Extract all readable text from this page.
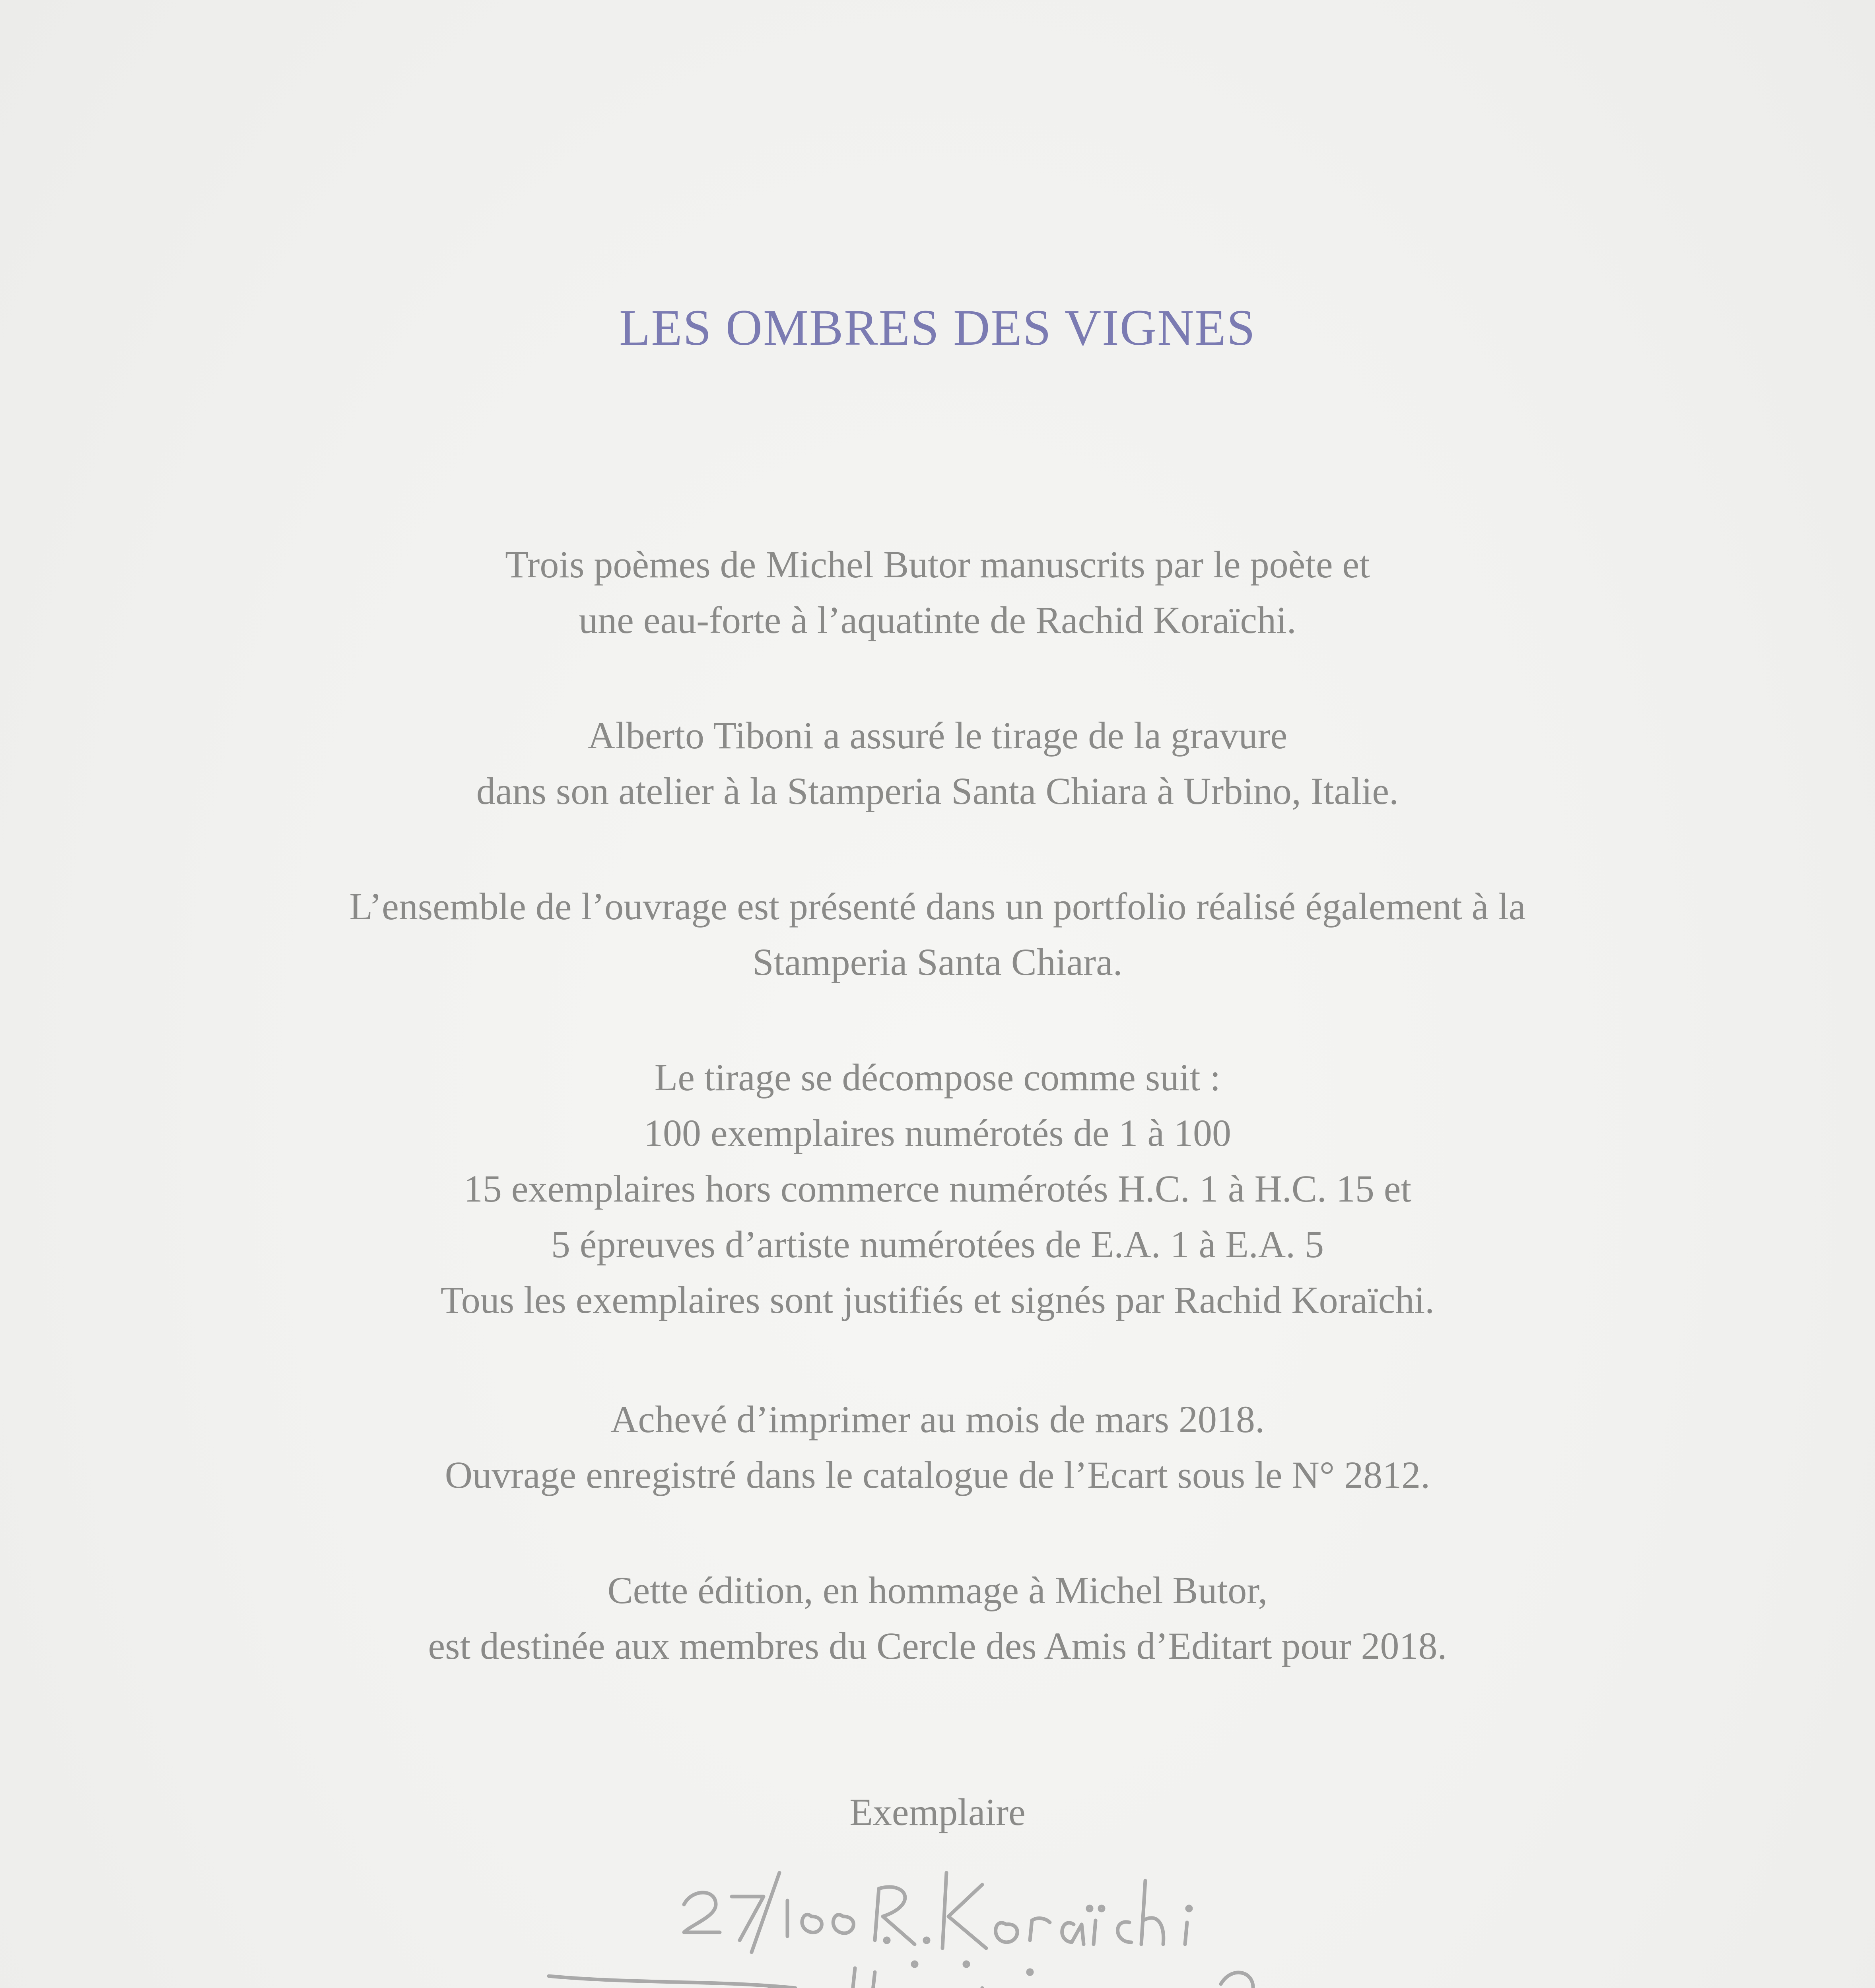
LES OMBRES DES VIGNES
Trois poèmes de Michel Butor manuscrits par le poète et
une eau-forte à l’aquatinte de Rachid Koraïchi.
Alberto Tiboni a assuré le tirage de la gravure
dans son atelier à la Stamperia Santa Chiara à Urbino, Italie.
L’ensemble de l’ouvrage est présenté dans un portfolio réalisé également à la
Stamperia Santa Chiara.
Le tirage se décompose comme suit :
100 exemplaires numérotés de 1 à 100
15 exemplaires hors commerce numérotés H.C. 1 à H.C. 15 et
5 épreuves d’artiste numérotées de E.A. 1 à E.A. 5
Tous les exemplaires sont justifiés et signés par Rachid Koraïchi.
Achevé d’imprimer au mois de mars 2018.
Ouvrage enregistré dans le catalogue de l’Ecart sous le N° 2812.
Cette édition, en hommage à Michel Butor,
est destinée aux membres du Cercle des Amis d’Editart pour 2018.
Exemplaire
